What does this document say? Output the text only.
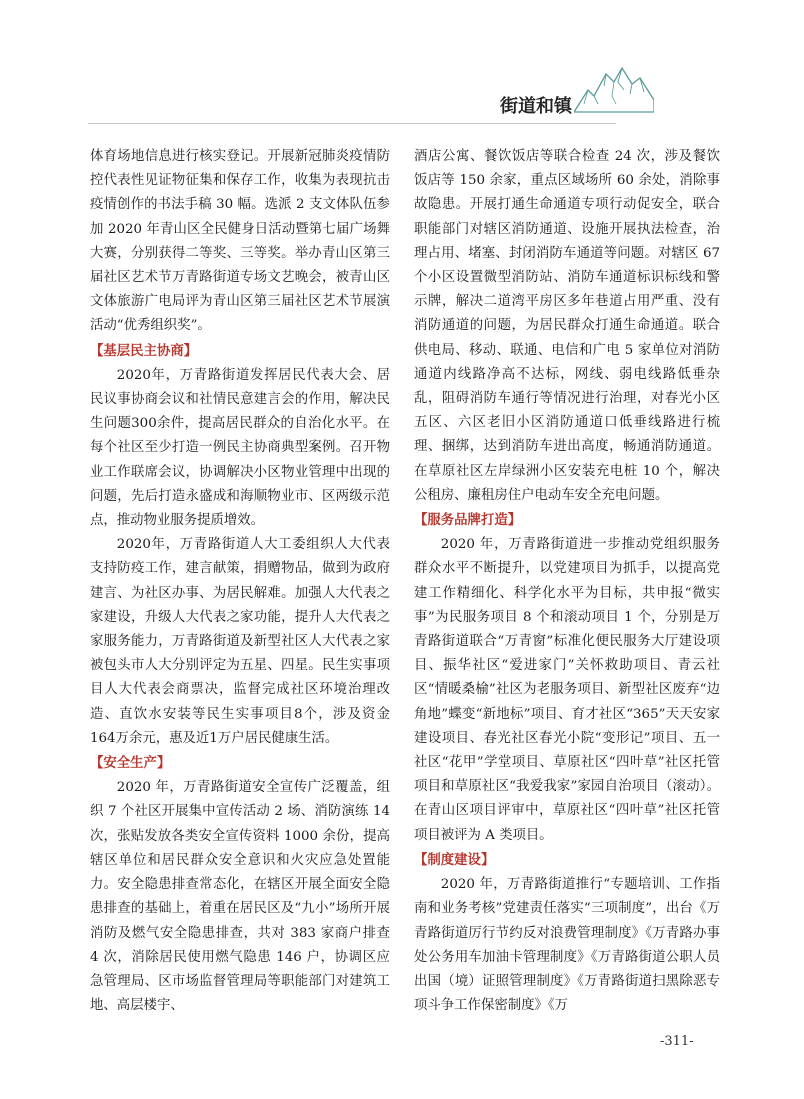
街道和镇

体育场地信息进行核实登记。开展新冠肺炎疫情防控代表性见证物征集和保存工作，收集为表现抗击疫情创作的书法手稿 30 幅。选派 2 支文体队伍参加 2020 年青山区全民健身日活动暨第七届广场舞大赛，分别获得二等奖、三等奖。举办青山区第三届社区艺术节万青路街道专场文艺晚会，被青山区文体旅游广电局评为青山区第三届社区艺术节展演活动“优秀组织奖”。

【基层民主协商】

2020年，万青路街道发挥居民代表大会、居民议事协商会议和社情民意建言会的作用，解决民生问题300余件，提高居民群众的自治化水平。在每个社区至少打造一例民主协商典型案例。召开物业工作联席会议，协调解决小区物业管理中出现的问题，先后打造永盛成和海顺物业市、区两级示范点，推动物业服务提质增效。

2020年，万青路街道人大工委组织人大代表支持防疫工作，建言献策，捐赠物品，做到为政府建言、为社区办事、为居民解难。加强人大代表之家建设，升级人大代表之家功能，提升人大代表之家服务能力，万青路街道及新型社区人大代表之家被包头市人大分别评定为五星、四星。民生实事项目人大代表会商票决，监督完成社区环境治理改造、直饮水安装等民生实事项目8个，涉及资金164万余元，惠及近1万户居民健康生活。

【安全生产】

2020 年，万青路街道安全宣传广泛覆盖，组织 7 个社区开展集中宣传活动 2 场、消防演练 14 次，张贴发放各类安全宣传资料 1000 余份，提高辖区单位和居民群众安全意识和火灾应急处置能力。安全隐患排查常态化，在辖区开展全面安全隐患排查的基础上，着重在居民区及“九小”场所开展消防及燃气安全隐患排查，共对 383 家商户排查 4 次，消除居民使用燃气隐患 146 户，协调区应急管理局、区市场监督管理局等职能部门对建筑工地、高层楼宇、

酒店公寓、餐饮饭店等联合检查 24 次，涉及餐饮饭店等 150 余家，重点区域场所 60 余处，消除事故隐患。开展打通生命通道专项行动促安全，联合职能部门对辖区消防通道、设施开展执法检查，治理占用、堵塞、封闭消防车通道等问题。对辖区 67 个小区设置微型消防站、消防车通道标识标线和警示牌，解决二道湾平房区多年巷道占用严重、没有消防通道的问题，为居民群众打通生命通道。联合供电局、移动、联通、电信和广电 5 家单位对消防通道内线路净高不达标，网线、弱电线路低垂杂乱，阻碍消防车通行等情况进行治理，对春光小区五区、六区老旧小区消防通道口低垂线路进行梳理、捆绑，达到消防车进出高度，畅通消防通道。在草原社区左岸绿洲小区安装充电桩 10 个，解决公租房、廉租房住户电动车安全充电问题。

【服务品牌打造】

2020 年，万青路街道进一步推动党组织服务群众水平不断提升，以党建项目为抓手，以提高党建工作精细化、科学化水平为目标，共申报“微实事”为民服务项目 8 个和滚动项目 1 个，分别是万青路街道联合“万青窗”标准化便民服务大厅建设项目、振华社区“爱进家门”关怀救助项目、青云社区“情暖桑榆”社区为老服务项目、新型社区废弃“边角地”蝶变“新地标”项目、育才社区“365”天天安家建设项目、春光社区春光小院“变形记”项目、五一社区“花甲”学堂项目、草原社区“四叶草”社区托管项目和草原社区“我爱我家”家园自治项目（滚动）。在青山区项目评审中，草原社区“四叶草”社区托管项目被评为 A 类项目。

【制度建设】

2020 年，万青路街道推行“专题培训、工作指南和业务考核”党建责任落实“三项制度”，出台《万青路街道厉行节约反对浪费管理制度》《万青路办事处公务用车加油卡管理制度》《万青路街道公职人员出国（境）证照管理制度》《万青路街道扫黑除恶专项斗争工作保密制度》《万

-311-
